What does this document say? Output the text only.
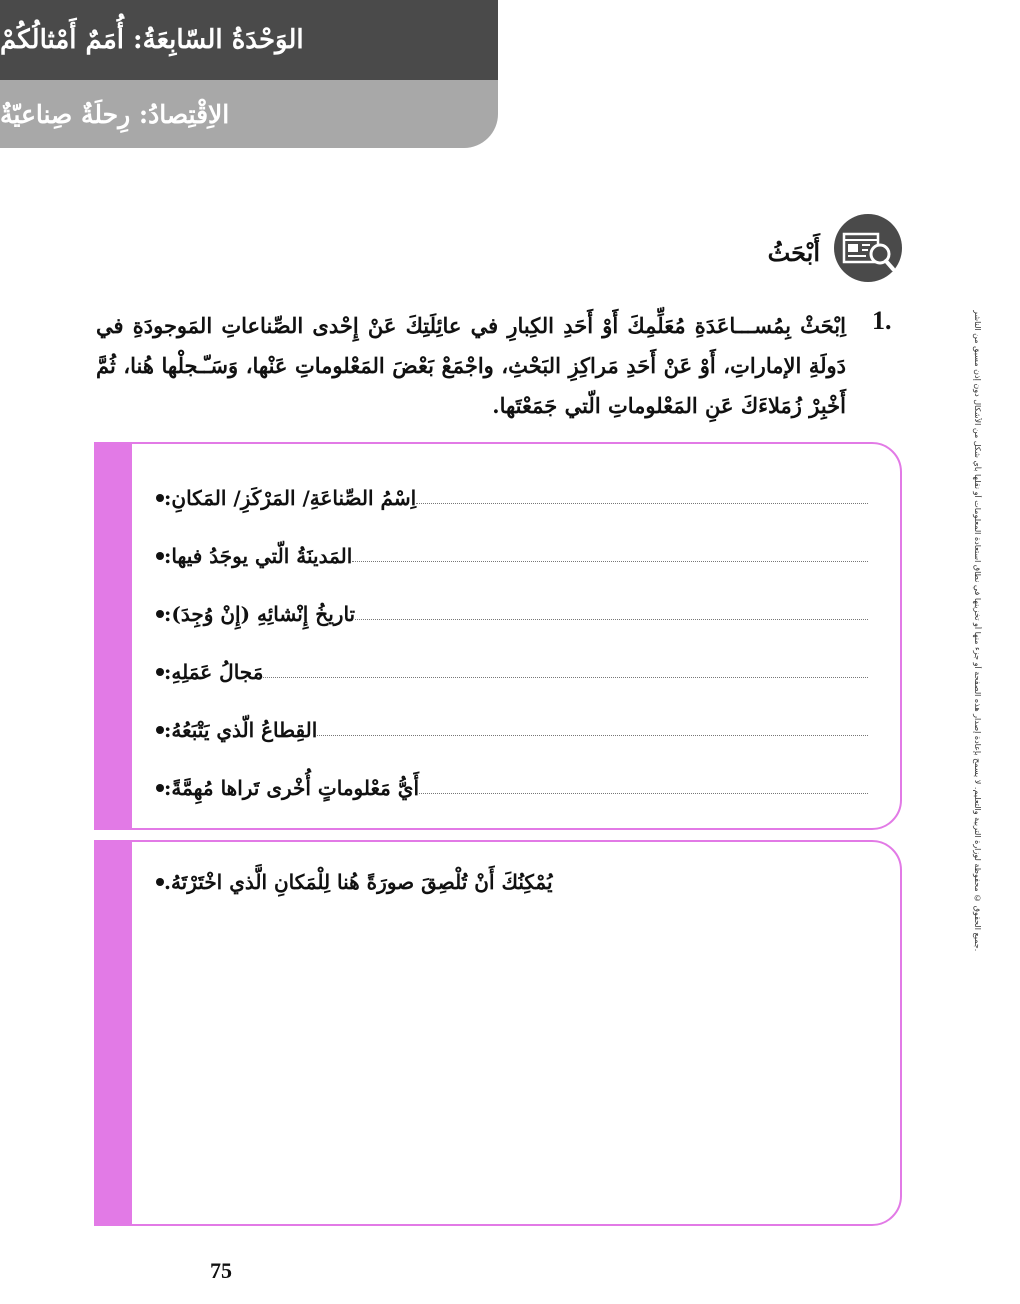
الوَحْدَةُ السّابِعَةُ: أُمَمٌ أَمْثالُكُمْ
الاِقْتِصادُ: رِحلَةٌ صِناعيّةٌ
أَبْحَثُ
1.
اِبْحَثْ بِمُســـاعَدَةِ مُعَلِّمِكَ أَوْ أَحَدِ الكِبارِ في عائِلَتِكَ عَنْ إِحْدى الصِّناعاتِ المَوجودَةِ في دَولَةِ الإماراتِ، أَوْ عَنْ أَحَدِ مَراكِزِ البَحْثِ، واجْمَعْ بَعْضَ المَعْلوماتِ عَنْها، وَسَـّـجلْها هُنا، ثُمَّ أَخْبِرْ زُمَلاءَكَ عَنِ المَعْلوماتِ الّتي جَمَعْتَها.
اِسْمُ الصِّناعَةِ/ المَرْكَزِ/ المَكانِ:
المَدينَةُ الّتي يوجَدُ فيها:
تاريخُ إِنْشائِهِ (إِنْ وُجِدَ):
مَجالُ عَمَلِهِ:
القِطاعُ الّذي يَتْبَعُهُ:
أَيُّ مَعْلوماتٍ أُخْرى تَراها مُهِمَّةً:
يُمْكِنُكَ أَنْ تُلْصِقَ صورَةً هُنا لِلْمَكانِ الَّذي اخْتَرْتَهُ.	جميع الحقوق © محفوظة لوزارة التربية والتعليم. لا يسمح بإعادة إصدار هذه الصفحة أو جزء منها أو تخزينها في نطاق استعادة المعلومات أو نقلها بأي شكل من الأشكال دون إذن مسبق من الناشر.
75
